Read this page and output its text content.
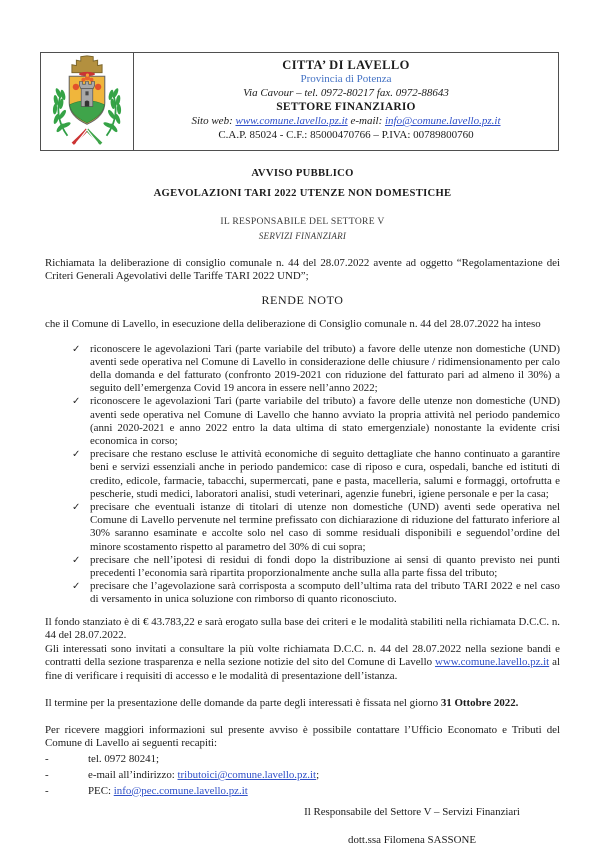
CITTA’ DI LAVELLO
Provincia di Potenza
Via Cavour – tel. 0972-80217 fax. 0972-88643
SETTORE FINANZIARIO
Sito web: www.comune.lavello.pz.it e-mail: info@comune.lavello.pz.it
C.A.P. 85024 - C.F.: 85000470766 – P.IVA: 00789800760
AVVISO PUBBLICO
AGEVOLAZIONI TARI 2022 UTENZE NON DOMESTICHE
IL RESPONSABILE DEL SETTORE V
SERVIZI FINANZIARI
Richiamata la deliberazione di consiglio comunale n. 44 del 28.07.2022 avente ad oggetto “Regolamentazione dei Criteri Generali Agevolativi delle Tariffe TARI 2022 UND”;
RENDE NOTO
che il Comune di Lavello, in esecuzione della deliberazione di Consiglio comunale n. 44 del 28.07.2022 ha inteso
✓ riconoscere le agevolazioni Tari (parte variabile del tributo) a favore delle utenze non domestiche (UND) aventi sede operativa nel Comune di Lavello in considerazione delle chiusure / ridimensionamento per calo della domanda e del fatturato (confronto 2019-2021 con riduzione del fatturato pari ad almeno il 30%) a seguito dell’emergenza Covid 19 ancora in essere nell’anno 2022;
✓ riconoscere le agevolazioni Tari (parte variabile del tributo) a favore delle utenze non domestiche (UND) aventi sede operativa nel Comune di Lavello che hanno avviato la propria attività nel periodo pandemico (anni 2020-2021 e anno 2022 entro la data ultima di stato emergenziale) nonostante la evidente crisi economica in corso;
✓ precisare che restano escluse le attività economiche di seguito dettagliate che hanno continuato a garantire beni e servizi essenziali anche in periodo pandemico: case di riposo e cura, ospedali, banche ed istituti di credito, edicole, farmacie, tabacchi, supermercati, pane e pasta, macelleria, salumi e formaggi, ortofrutta e pescherie, studi medici, laboratori analisi, studi veterinari, agenzie funebri, igiene personale e per la casa;
✓ precisare che eventuali istanze di titolari di utenze non domestiche (UND) aventi sede operativa nel Comune di Lavello pervenute nel termine prefissato con dichiarazione di riduzione del fatturato inferiore al 30% saranno esaminate e accolte solo nel caso di somme residuali disponibili e seguendol’ordine del minore scostamento rispetto al parametro del 30% di cui sopra;
✓ precisare che nell’ipotesi di residui di fondi dopo la distribuzione ai sensi di quanto previsto nei punti precedenti l’economia sarà ripartita proporzionalmente anche sulla alla parte fissa del tributo;
✓ precisare che l’agevolazione sarà corrisposta a scomputo dell’ultima rata del tributo TARI 2022 e nel caso di versamento in unica soluzione con rimborso di quanto riconosciuto.
Il fondo stanziato è di € 43.783,22 e sarà erogato sulla base dei criteri e le modalità stabiliti nella richiamata D.C.C. n. 44 del 28.07.2022.
Gli interessati sono invitati a consultare la più volte richiamata D.C.C. n. 44 del 28.07.2022 nella sezione bandi e contratti della sezione trasparenza e nella sezione notizie del sito del Comune di Lavello www.comune.lavello.pz.it al fine di verificare i requisiti di accesso e le modalità di presentazione dell’istanza.
Il termine per la presentazione delle domande da parte degli interessati è fissata nel giorno 31 Ottobre 2022.
Per ricevere maggiori informazioni sul presente avviso è possibile contattare l’Ufficio Economato e Tributi del Comune di Lavello ai seguenti recapiti:
-	tel. 0972 80241;
-	e-mail all’indirizzo: tributoici@comune.lavello.pz.it;
-	PEC: info@pec.comune.lavello.pz.it
Il Responsabile del Settore V – Servizi Finanziari
dott.ssa Filomena SASSONE
